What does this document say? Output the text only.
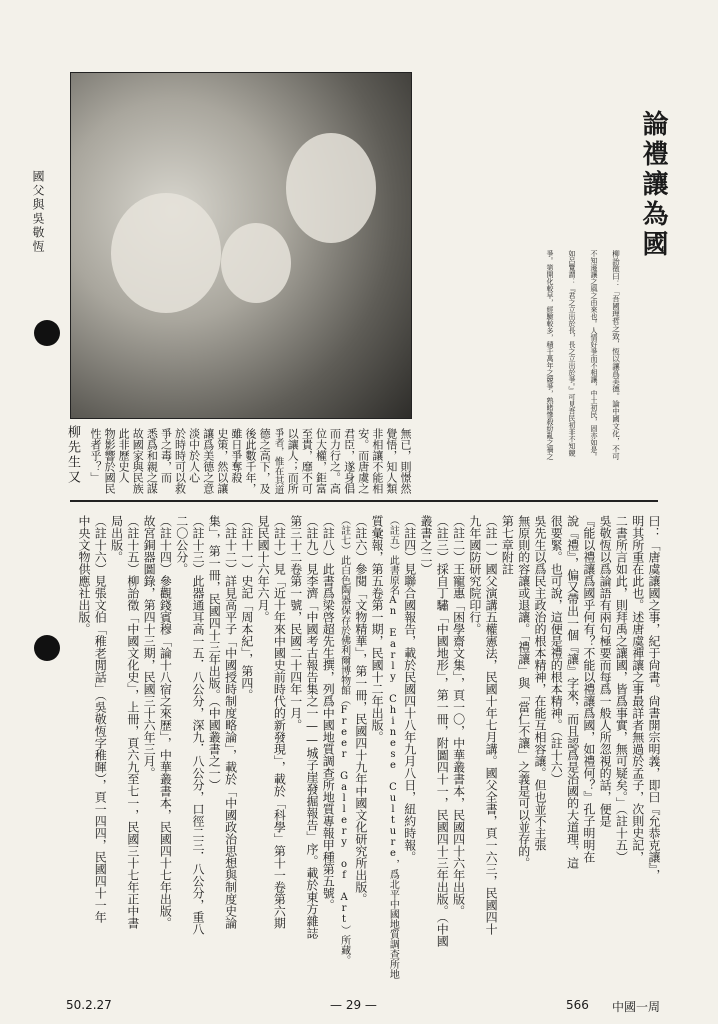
國父與吳敬恆	論禮讓為國
柳詒徵曰：「吾國理哲之致，恆以讓爲美德。論中國文化，不可
不知遜讓之風之由來也。人情好爭而不相讓，中土初民，固亦如是。
如呂覽謂：『君之立出於長，長之立出於爭。』可見吾民初非不知競
爭。第開化較早，經驗較多，積千萬年之競爭，熟睹慘殺紛亂之禍之
無已，則憬然
覺悟，知人類
非相讓不能相
安。而唐虞之
君臣，遂身倡
而力行之。高
位大權，鉅富
至貴，靡不可
以讓人；而所
爭者，惟在其道
德之高下，及
後此數千年，
雖日爭奪殺
史策，然以讓
讓爲美德之意
淡中於人心
於時時可以救
爭之毒，而
悉爲和親之謀
故國家與民族
此非歷史人
物影響於國民
性者乎？」
柳先生又
曰：「唐虞讓國之事，紀于尙書。尙書開宗明義，即曰『允恭克讓』，
明其所重在此也。述唐虞禪讓之事最詳者無過於孟子，次則史記，
二書所言如此，則拜禹之讓國，皆爲事實，無可疑矣。」（註十五）
吳敬恆以爲論語有兩句極要而每爲一般人所忽視的話，便是
『能以禮讓爲國乎何有？不能以禮讓爲國，如禮何？』孔子明明在
說『禮』，偏又帶出一個『讓』字來，而且認爲是治國的大道理，這
很要緊。也可說，這便是禮的根本精神。（註十六）
吳先生以爲民主政治的根本精神，在能互相容讓。但也並不主張
無原則的容讓或退讓。「禮讓」與「當仁不讓」之義是可以並存的。
第七章附註
（註一）國父演講五權憲法，民國十年七月講。國父全書，頁一六三，民國四十
九年國防研究院印行。
（註二）王寵惠「困學齋文集」，頁一〇，中華叢書本，民國四十六年出版。
（註三）採自丁驌「中國地形」，第一冊，附圖四十一，民國四十三年出版。（中國
叢書之二）
（註四）見聯合國報告，載於民國四十八年九月八日，紐約時報。
（註五）此書原名An Early Chinese Culture，爲北平中國地質調查所地
質彙報，第五卷第一期，民國十二年出版。
（註六）參閱「文物精華」，第一冊，民國四十九年中國文化研究所出版。
（註七）此白色陶器保存於佛利爾博物館（Freer Gallery of Art）所藏。
（註八）此書爲梁啓超先生撰，列爲中國地質調查所地質專報甲種第五號。
（註九）見李濟「中國考古報告集之一——城子崖發掘報告」序。載於東方雜誌
第三十二卷第一號，民國二十四年一月。
（註十）見「近十年來中國史前時代的新發現」，載於「科學」第十一卷第六期
見民國十六年六月。
（註十一）史記「周本紀」，第四。
（註十二）詳見高平子「中國授時制度略論」，載於「中國政治思想與制度史論
集」，第一冊，民國四十三年出版。（中國叢書之一）
（註十三）此器通耳高一五．八公分，深九．八公分，口徑二三．八公分，重八
二〇公分。
（註十四）參觀錢賓穆「論十八宿之來歷」，中華叢書本，民國四十七年出版。
故宮銅器圖錄，第四十三期，民國三十六年三月。
（註十五）柳詒徵「中國文化史」，上冊，頁六九至七一，民國三十七年正中書
局出版。
（註十六）見張文伯「稚老閒話」（吳敬恆字稚暉），頁一四四，民國四十一年
中央文物供應社出版。
50.2.27	— 29 —	566 中國一周
